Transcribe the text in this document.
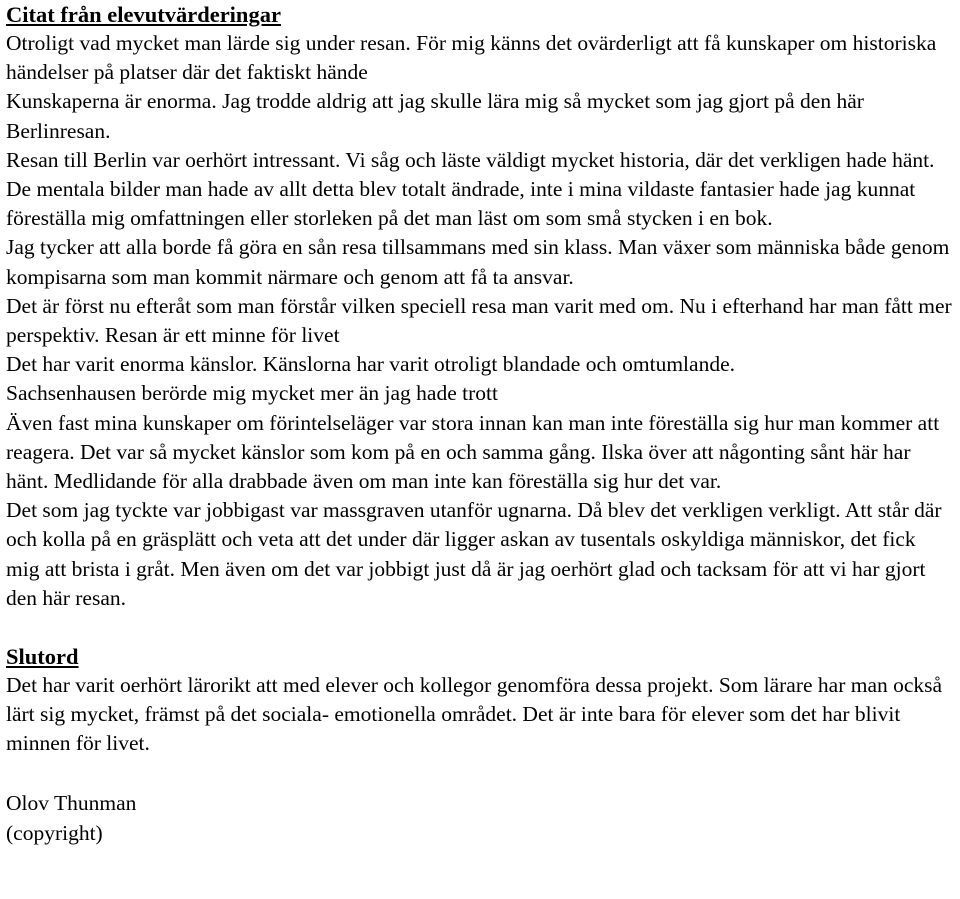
Citat från elevutvärderingar

Otroligt vad mycket man lärde sig under resan. För mig känns det ovärderligt att få kunskaper om historiska händelser på platser där det faktiskt hände

Kunskaperna är enorma. Jag trodde aldrig att jag skulle lära mig så mycket som jag gjort på den här Berlinresan.

Resan till Berlin var oerhört intressant. Vi såg och läste väldigt mycket historia, där det verkligen hade hänt. De mentala bilder man hade av allt detta blev totalt ändrade, inte i mina vildaste fantasier hade jag kunnat föreställa mig omfattningen eller storleken på det man läst om som små stycken i en bok.

Jag tycker att alla borde få göra en sån resa tillsammans med sin klass. Man växer som människa både genom kompisarna som man kommit närmare och genom att få ta ansvar.

Det är först nu efteråt som man förstår vilken speciell resa man varit med om. Nu i efterhand har man fått mer perspektiv. Resan är ett minne för livet

Det har varit enorma känslor. Känslorna har varit otroligt blandade och omtumlande.

Sachsenhausen berörde mig mycket mer än jag hade trott

Även fast mina kunskaper om förintelseläger var stora innan kan man inte föreställa sig hur man kommer att reagera. Det var så mycket känslor som kom på en och samma gång. Ilska över att någonting sånt här har hänt. Medlidande för alla drabbade även om man inte kan föreställa sig hur det var.

Det som jag tyckte var jobbigast var massgraven utanför ugnarna. Då blev det verkligen verkligt. Att står där och kolla på en gräsplätt och veta att det under där ligger askan av tusentals oskyldiga människor, det fick mig att brista i gråt. Men även om det var jobbigt just då är jag oerhört glad och tacksam för att vi har gjort den här resan.

Slutord

Det har varit oerhört lärorikt att med elever och kollegor genomföra dessa projekt. Som lärare har man också lärt sig mycket, främst på det sociala- emotionella området. Det är inte bara för elever som det har blivit minnen för livet.

Olov Thunman

(copyright)
